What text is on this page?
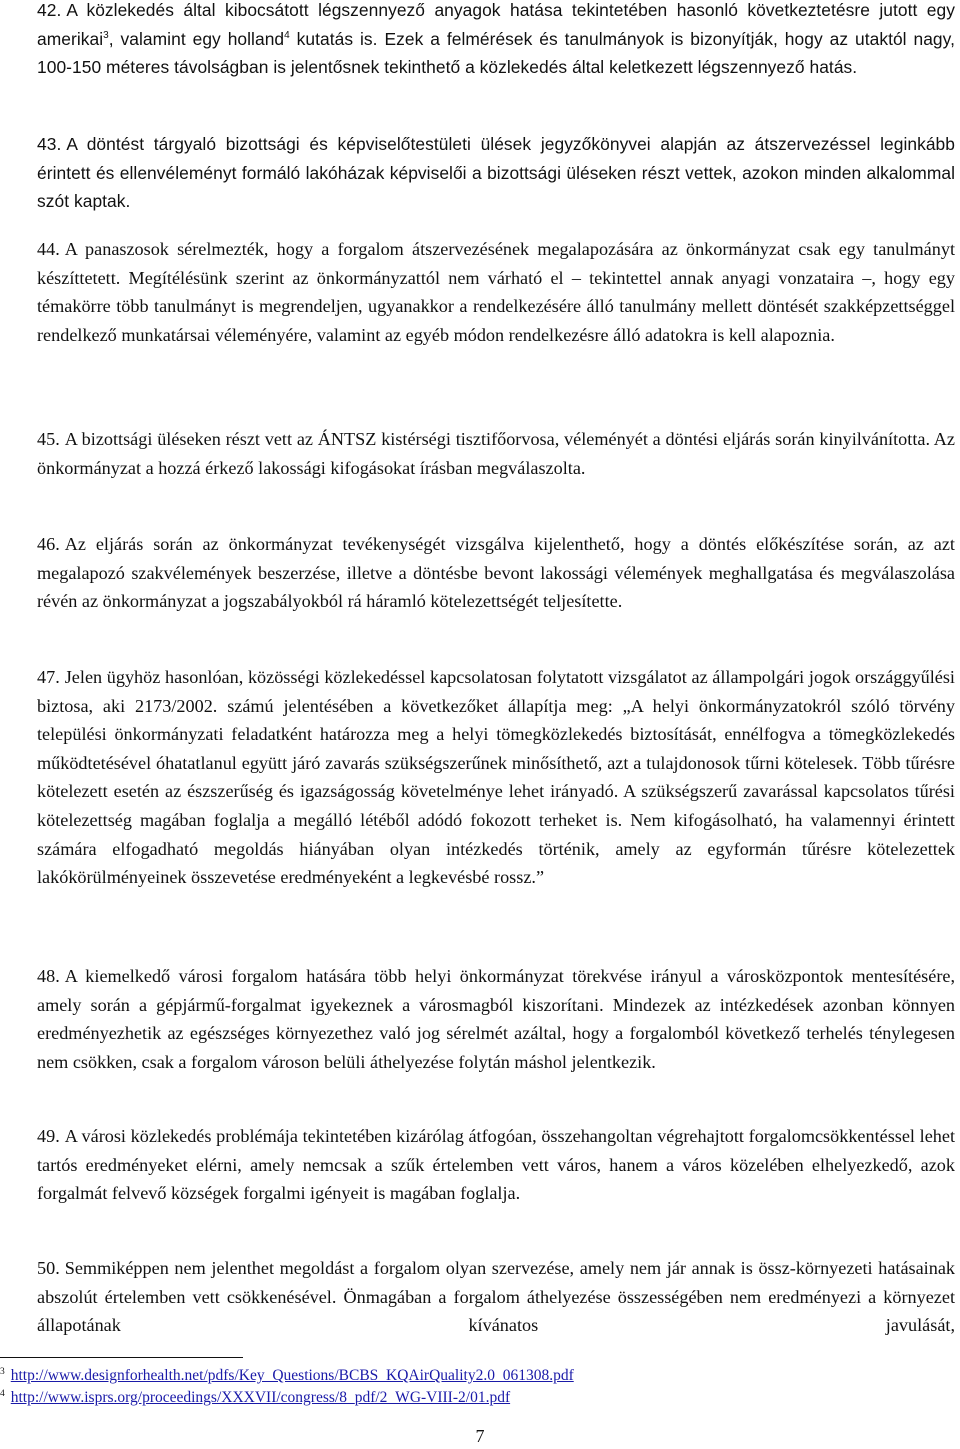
42. A közlekedés által kibocsátott légszennyező anyagok hatása tekintetében hasonló következtetésre jutott egy amerikai$^3$, valamint egy holland$^4$ kutatás is. Ezek a felmérések és tanulmányok is bizonyítják, hogy az utaktól nagy, 100-150 méteres távolságban is jelentősnek tekinthető a közlekedés által keletkezett légszennyező hatás.

43. A döntést tárgyaló bizottsági és képviselőtestületi ülések jegyzőkönyvei alapján az átszervezéssel leginkább érintett és ellenvéleményt formáló lakóházak képviselői a bizottsági üléseken részt vettek, azokon minden alkalommal szót kaptak.

44. A panaszosok sérelmezték, hogy a forgalom átszervezésének megalapozására az önkormányzat csak egy tanulmányt készíttetett. Megítélésünk szerint az önkormányzattól nem várható el – tekintettel annak anyagi vonzataira –, hogy egy témakörre több tanulmányt is megrendeljen, ugyanakkor a rendelkezésére álló tanulmány mellett döntését szakképzettséggel rendelkező munkatársai véleményére, valamint az egyéb módon rendelkezésre álló adatokra is kell alapoznia.

45. A bizottsági üléseken részt vett az ÁNTSZ kistérségi tisztifőorvosa, véleményét a döntési eljárás során kinyilvánította. Az önkormányzat a hozzá érkező lakossági kifogásokat írásban megválaszolta.

46. Az eljárás során az önkormányzat tevékenységét vizsgálva kijelenthető, hogy a döntés előkészítése során, az azt megalapozó szakvélemények beszerzése, illetve a döntésbe bevont lakossági vélemények meghallgatása és megválaszolása révén az önkormányzat a jogszabályokból rá háramló kötelezettségét teljesítette.

47. Jelen ügyhöz hasonlóan, közösségi közlekedéssel kapcsolatosan folytatott vizsgálatot az állampolgári jogok országgyűlési biztosa, aki 2173/2002. számú jelentésében a következőket állapítja meg: „A helyi önkormányzatokról szóló törvény települési önkormányzati feladatként határozza meg a helyi tömegközlekedés biztosítását, ennélfogva a tömegközlekedés működtetésével óhatatlanul együtt járó zavarás szükségszerűnek minősíthető, azt a tulajdonosok tűrni kötelesek. Több tűrésre kötelezett esetén az észszerűség és igazságosság követelménye lehet irányadó. A szükségszerű zavarással kapcsolatos tűrési kötelezettség magában foglalja a megálló létéből adódó fokozott terheket is. Nem kifogásolható, ha valamennyi érintett számára elfogadható megoldás hiányában olyan intézkedés történik, amely az egyformán tűrésre kötelezettek lakókörülményeinek összevetése eredményeként a legkevésbé rossz.”

48. A kiemelkedő városi forgalom hatására több helyi önkormányzat törekvése irányul a városközpontok mentesítésére, amely során a gépjármű-forgalmat igyekeznek a városmagból kiszorítani. Mindezek az intézkedések azonban könnyen eredményezhetik az egészséges környezethez való jog sérelmét azáltal, hogy a forgalomból következő terhelés ténylegesen nem csökken, csak a forgalom városon belüli áthelyezése folytán máshol jelentkezik.

49. A városi közlekedés problémája tekintetében kizárólag átfogóan, összehangoltan végrehajtott forgalomcsökkentéssel lehet tartós eredményeket elérni, amely nemcsak a szűk értelemben vett város, hanem a város közelében elhelyezkedő, azok forgalmát felvevő községek forgalmi igényeit is magában foglalja.

50. Semmiképpen nem jelenthet megoldást a forgalom olyan szervezése, amely nem jár annak is össz-környezeti hatásainak abszolút értelemben vett csökkenésével. Önmagában a forgalom áthelyezése összességében nem eredményezi a környezet állapotának kívánatos javulását,

$^3$ http://www.designforhealth.net/pdfs/Key_Questions/BCBS_KQAirQuality2.0_061308.pdf
$^4$ http://www.isprs.org/proceedings/XXXVII/congress/8_pdf/2_WG-VIII-2/01.pdf
7
